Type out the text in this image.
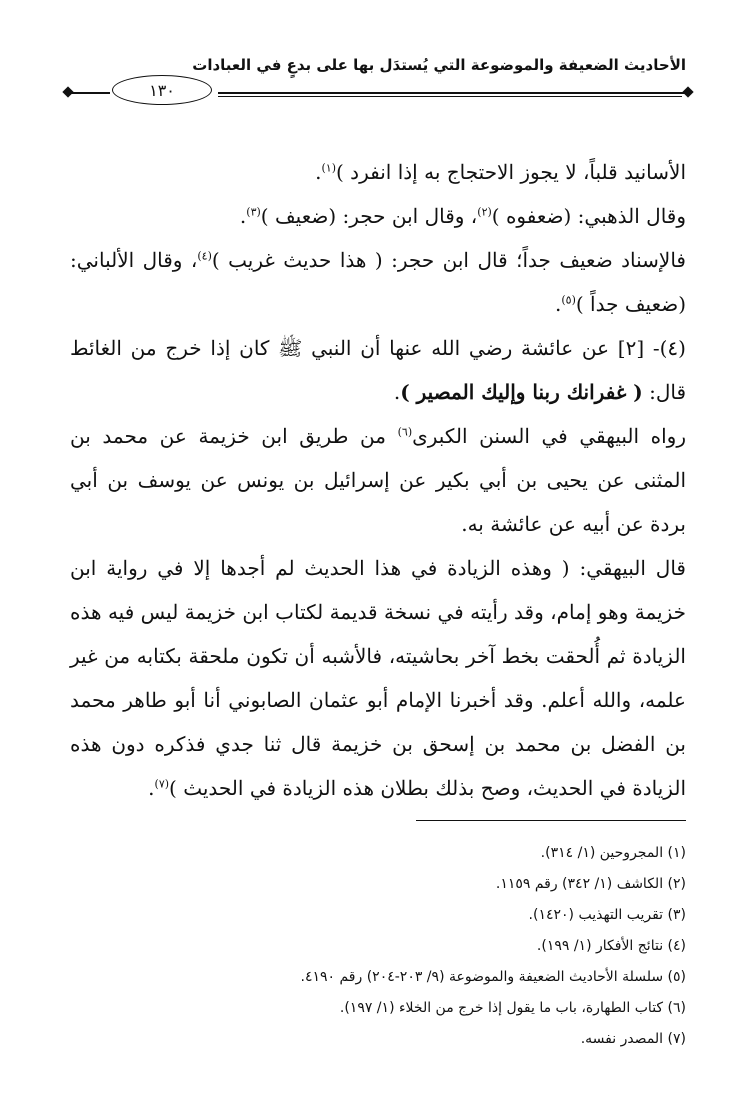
الأحاديث الضعيفة والموضوعة التي يُستدَل بها على بدعٍ في العبادات
١٣٠

الأسانيد قلباً، لا يجوز الاحتجاج به إذا انفرد )$^{(١)}$.

وقال الذهبي: (ضعفوه )$^{(٢)}$، وقال ابن حجر: (ضعيف )$^{(٣)}$.

فالإسناد ضعيف جداً؛ قال ابن حجر: ( هذا حديث غريب )$^{(٤)}$، وقال الألباني: (ضعيف جداً )$^{(٥)}$.

(٤)- [٢] عن عائشة رضي الله عنها أن النبي ﷺ كان إذا خرج من الغائط قال: ( غفرانك ربنا وإليك المصير ).

رواه البيهقي في السنن الكبرى$^{(٦)}$ من طريق ابن خزيمة عن محمد بن المثنى عن يحيى بن أبي بكير عن إسرائيل بن يونس عن يوسف بن أبي بردة عن أبيه عن عائشة به.

قال البيهقي: ( وهذه الزيادة في هذا الحديث لم أجدها إلا في رواية ابن خزيمة وهو إمام، وقد رأيته في نسخة قديمة لكتاب ابن خزيمة ليس فيه هذه الزيادة ثم أُلحقت بخط آخر بحاشيته، فالأشبه أن تكون ملحقة بكتابه من غير علمه، والله أعلم. وقد أخبرنا الإمام أبو عثمان الصابوني أنا أبو طاهر محمد بن الفضل بن محمد بن إسحق بن خزيمة قال ثنا جدي فذكره دون هذه الزيادة في الحديث، وصح بذلك بطلان هذه الزيادة في الحديث )$^{(٧)}$.

(١) المجروحين (١/ ٣١٤).
(٢) الكاشف (١/ ٣٤٢) رقم ١١٥٩.
(٣) تقريب التهذيب (١٤٢٠).
(٤) نتائج الأفكار (١/ ١٩٩).
(٥) سلسلة الأحاديث الضعيفة والموضوعة (٩/ ٢٠٣-٢٠٤) رقم ٤١٩٠.
(٦) كتاب الطهارة، باب ما يقول إذا خرج من الخلاء (١/ ١٩٧).
(٧) المصدر نفسه.
